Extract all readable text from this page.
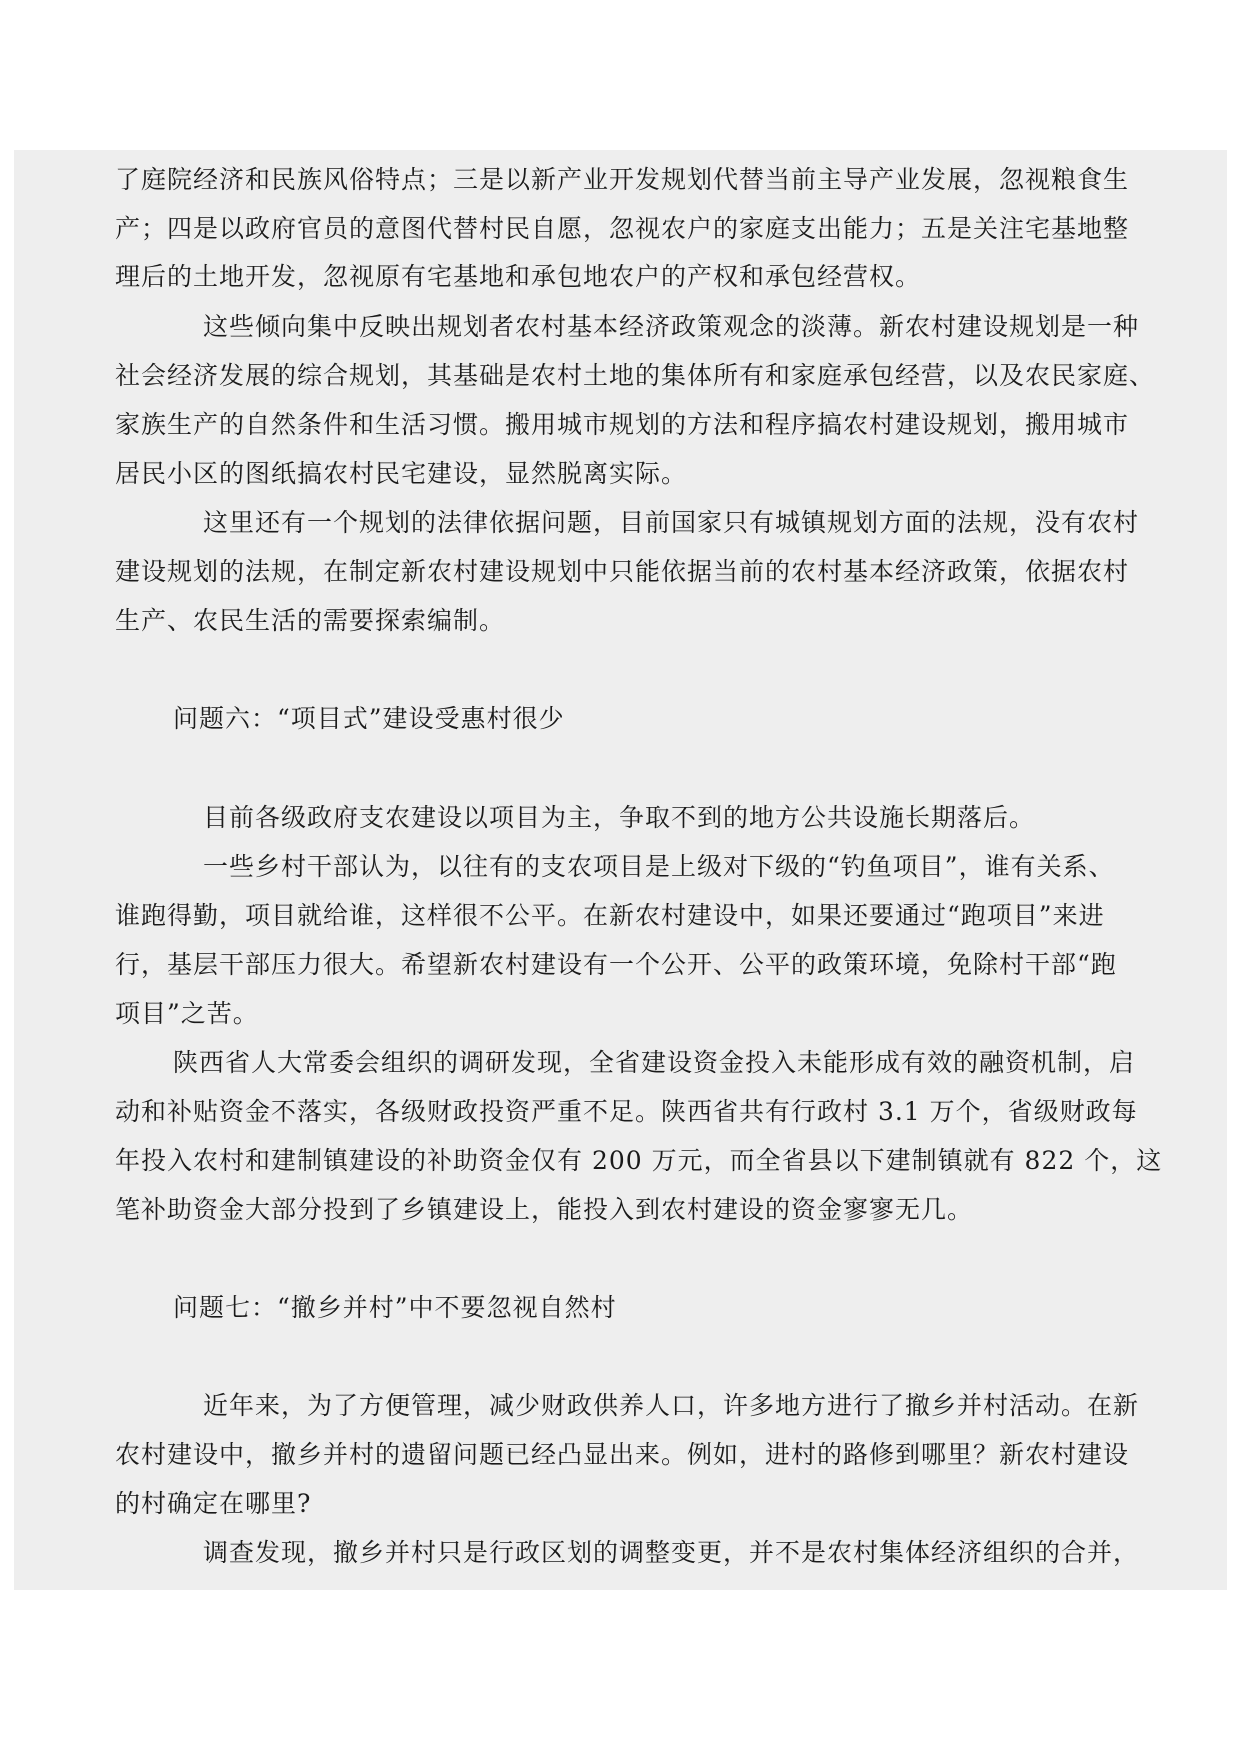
了庭院经济和民族风俗特点；三是以新产业开发规划代替当前主导产业发展，忽视粮食生
产；四是以政府官员的意图代替村民自愿，忽视农户的家庭支出能力；五是关注宅基地整
理后的土地开发，忽视原有宅基地和承包地农户的产权和承包经营权。
这些倾向集中反映出规划者农村基本经济政策观念的淡薄。新农村建设规划是一种
社会经济发展的综合规划，其基础是农村土地的集体所有和家庭承包经营，以及农民家庭、
家族生产的自然条件和生活习惯。搬用城市规划的方法和程序搞农村建设规划，搬用城市
居民小区的图纸搞农村民宅建设，显然脱离实际。
这里还有一个规划的法律依据问题，目前国家只有城镇规划方面的法规，没有农村
建设规划的法规，在制定新农村建设规划中只能依据当前的农村基本经济政策，依据农村
生产、农民生活的需要探索编制。
问题六：“项目式”建设受惠村很少
目前各级政府支农建设以项目为主，争取不到的地方公共设施长期落后。
一些乡村干部认为，以往有的支农项目是上级对下级的“钓鱼项目”，谁有关系、
谁跑得勤，项目就给谁，这样很不公平。在新农村建设中，如果还要通过“跑项目”来进
行，基层干部压力很大。希望新农村建设有一个公开、公平的政策环境，免除村干部“跑
项目”之苦。
陕西省人大常委会组织的调研发现，全省建设资金投入未能形成有效的融资机制，启
动和补贴资金不落实，各级财政投资严重不足。陕西省共有行政村 3.1 万个，省级财政每
年投入农村和建制镇建设的补助资金仅有 200 万元，而全省县以下建制镇就有 822 个，这
笔补助资金大部分投到了乡镇建设上，能投入到农村建设的资金寥寥无几。
问题七：“撤乡并村”中不要忽视自然村
近年来，为了方便管理，减少财政供养人口，许多地方进行了撤乡并村活动。在新
农村建设中，撤乡并村的遗留问题已经凸显出来。例如，进村的路修到哪里？新农村建设
的村确定在哪里?
调查发现，撤乡并村只是行政区划的调整变更，并不是农村集体经济组织的合并，
